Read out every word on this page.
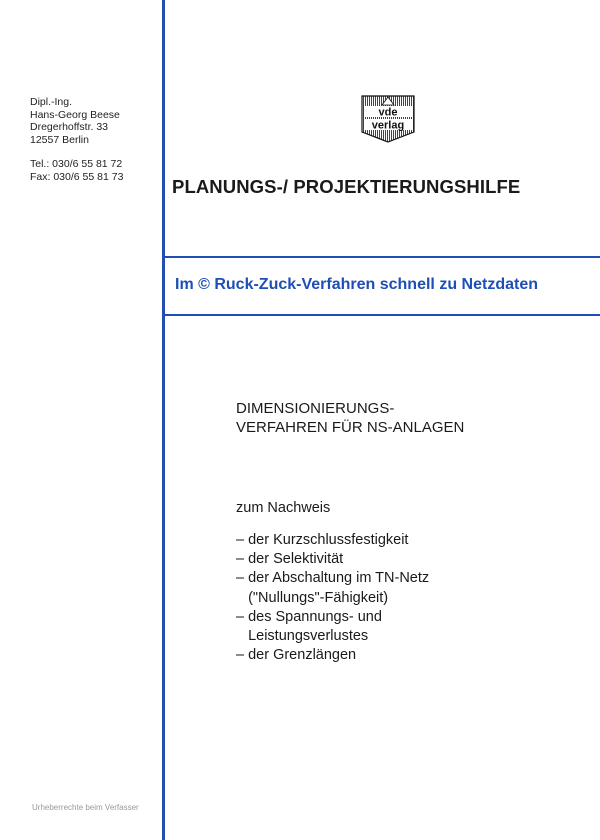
Dipl.-Ing.
Hans-Georg Beese
Dregerhoffstr. 33
12557 Berlin
Tel.: 030/6 55 81 72
Fax: 030/6 55 81 73
vde
verlag
PLANUNGS-/ PROJEKTIERUNGSHILFE
Im © Ruck-Zuck-Verfahren schnell zu Netzdaten
DIMENSIONIERUNGS-
VERFAHREN FÜR NS-ANLAGEN
zum Nachweis
– der Kurzschlussfestigkeit
– der Selektivität
– der Abschaltung im TN-Netz
("Nullungs"-Fähigkeit)
– des Spannungs- und
Leistungsverlustes
– der Grenzlängen
Urheberrechte beim Verfasser
